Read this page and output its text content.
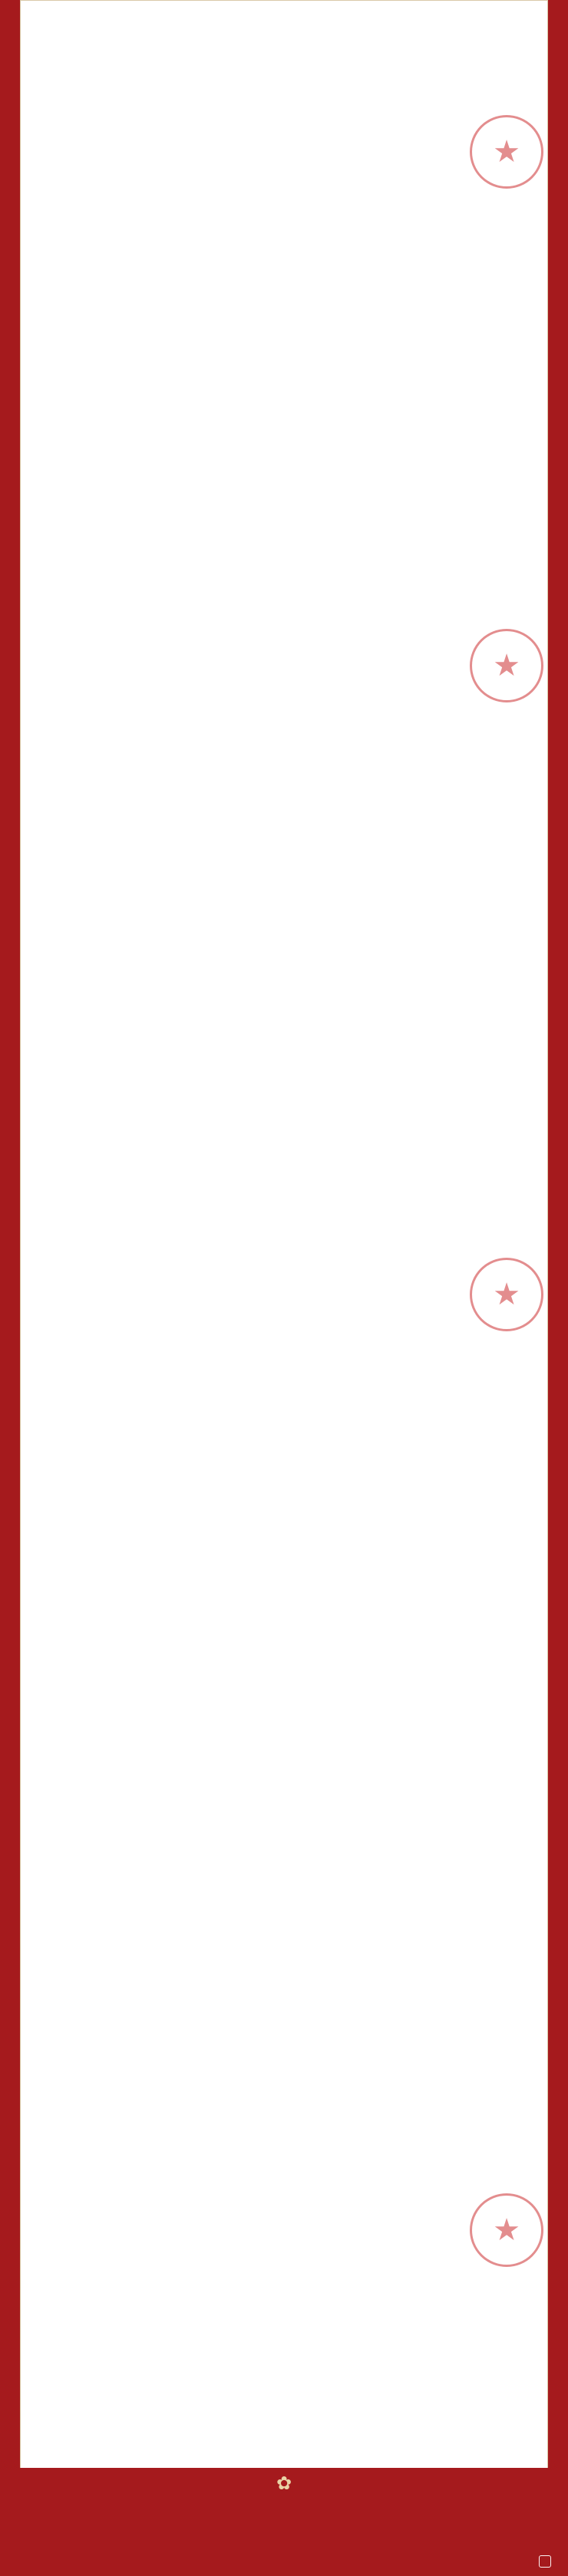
★
★
★
★
✿
